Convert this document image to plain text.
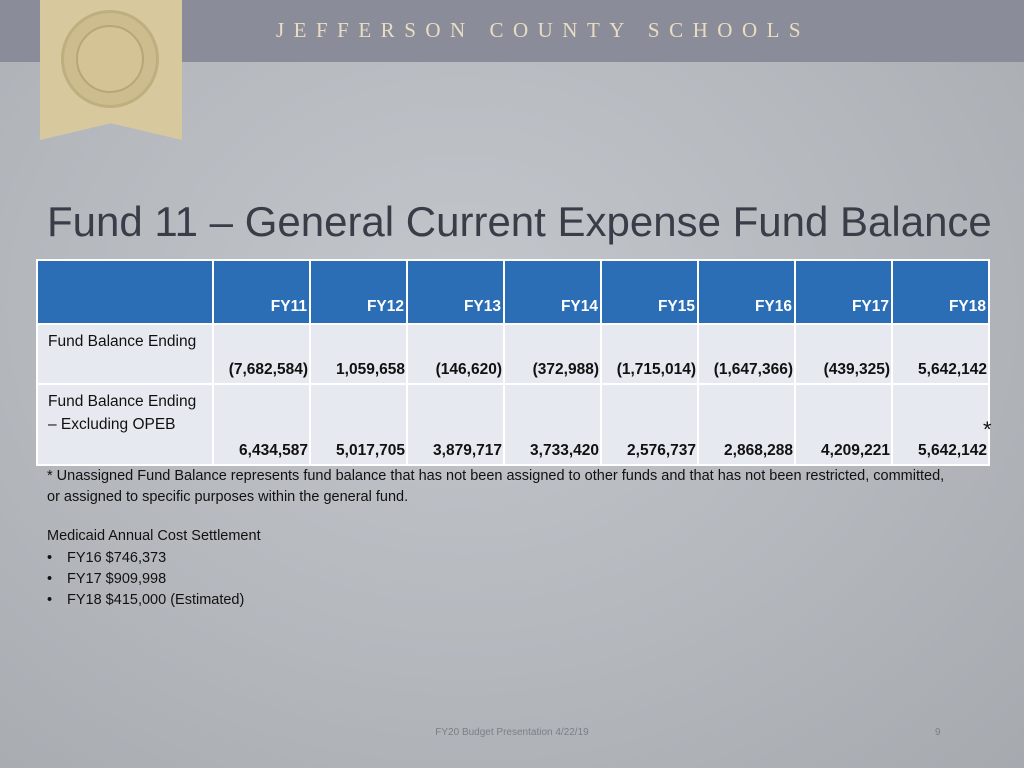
JEFFERSON COUNTY SCHOOLS
Fund 11 – General Current Expense Fund Balance
	FY11	FY12	FY13	FY14	FY15	FY16	FY17	FY18
Fund Balance Ending	(7,682,584)	1,059,658	(146,620)	(372,988)	(1,715,014)	(1,647,366)	(439,325)	5,642,142
Fund Balance Ending – Excluding OPEB	6,434,587	5,017,705	3,879,717	3,733,420	2,576,737	2,868,288	4,209,221	5,642,142
*
* Unassigned Fund Balance represents fund balance that has not been assigned to other funds and that has not been restricted, committed, or assigned to specific purposes within the general fund.
Medicaid Annual Cost Settlement
• FY16 $746,373
• FY17 $909,998
• FY18 $415,000 (Estimated)
FY20 Budget Presentation 4/22/19	9
